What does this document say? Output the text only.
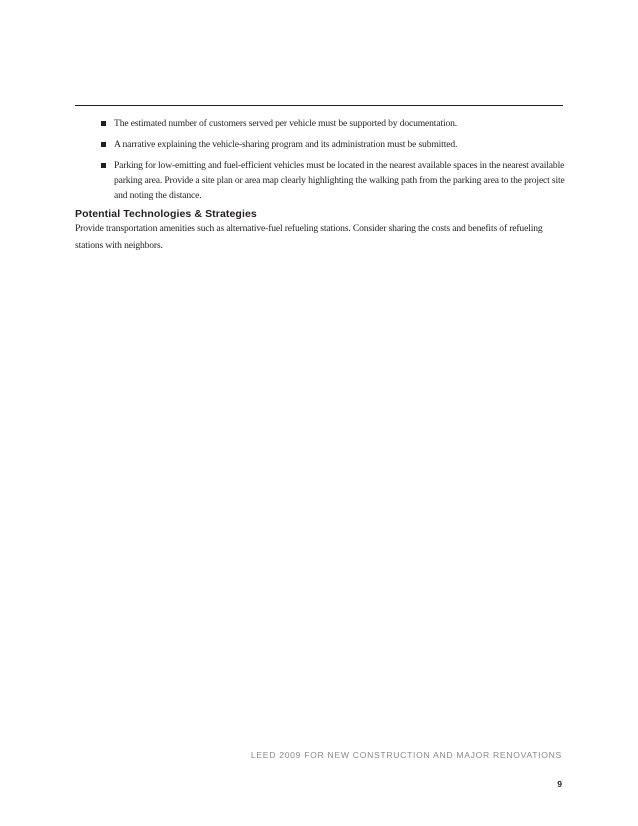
The estimated number of customers served per vehicle must be supported by documentation.
A narrative explaining the vehicle-sharing program and its administration must be submitted.
Parking for low-emitting and fuel-efficient vehicles must be located in the nearest available spaces in the nearest available parking area. Provide a site plan or area map clearly highlighting the walking path from the parking area to the project site and noting the distance.
Potential Technologies & Strategies

Provide transportation amenities such as alternative-fuel refueling stations. Consider sharing the costs and benefits of refueling stations with neighbors.

LEED 2009 FOR NEW CONSTRUCTION AND MAJOR RENOVATIONS
9
